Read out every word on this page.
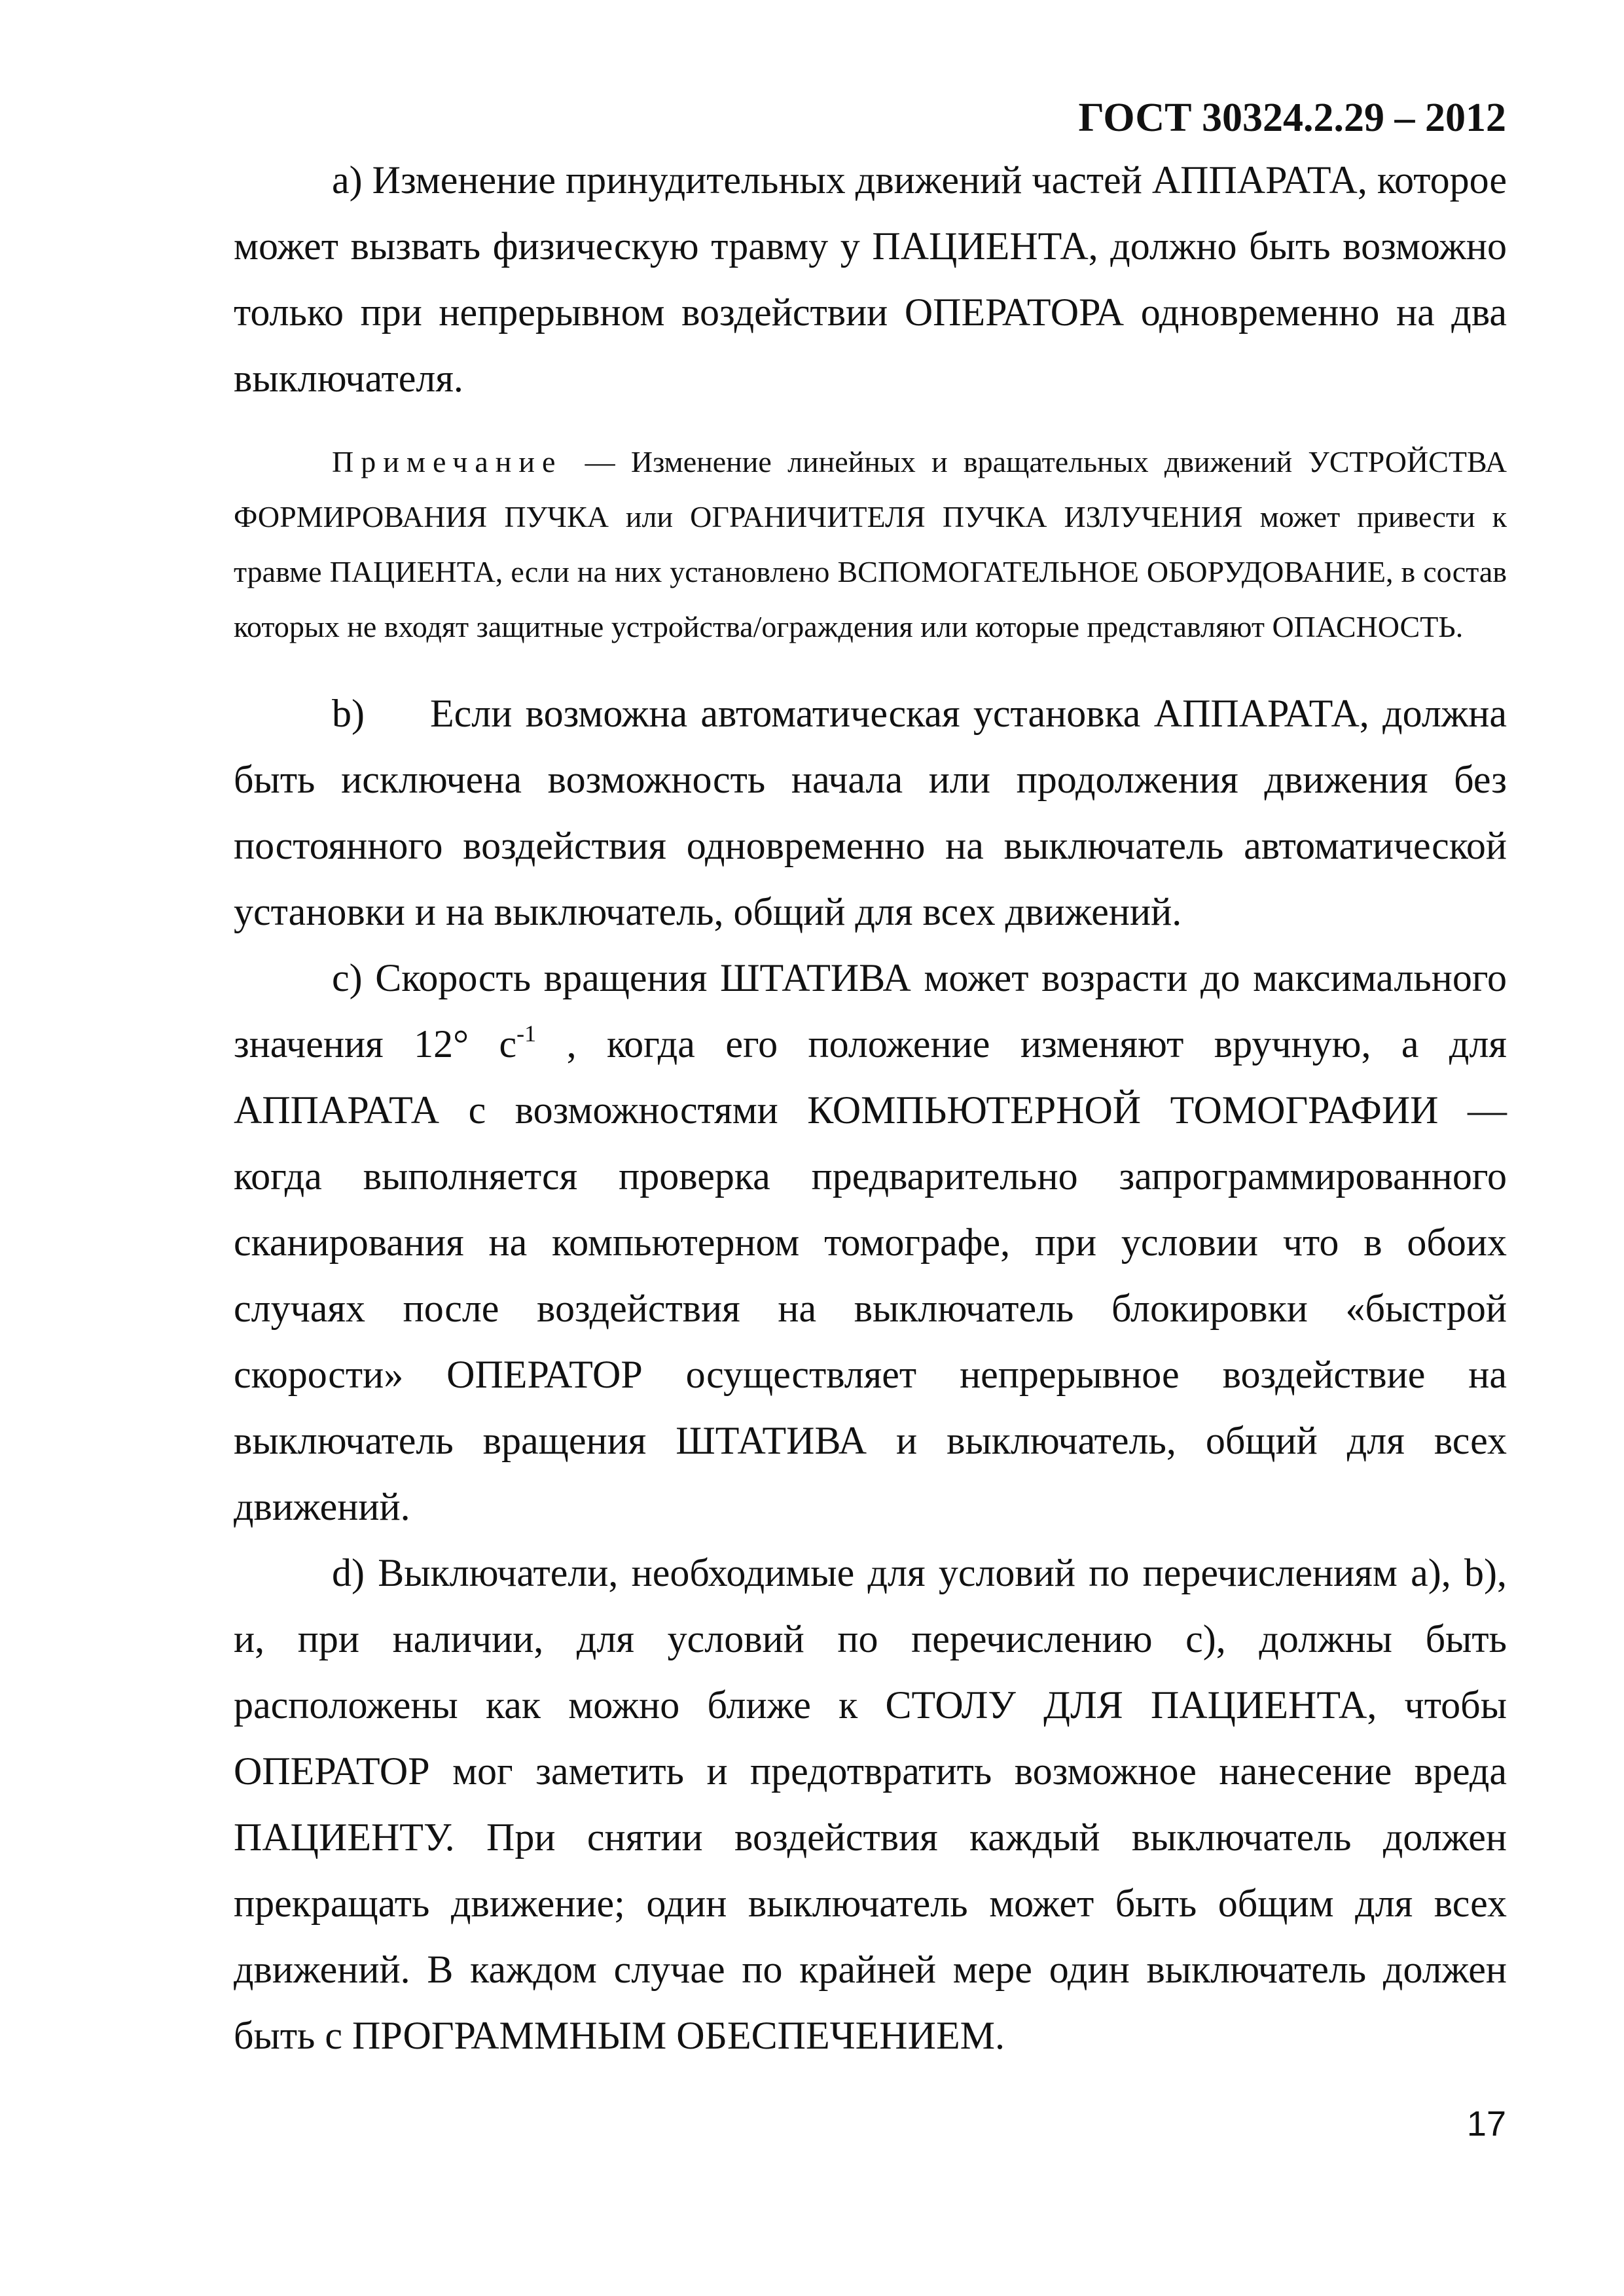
ГОСТ 30324.2.29 – 2012

а) Изменение принудительных движений частей АППАРАТА, которое может вызвать физическую травму у ПАЦИЕНТА, должно быть возможно только при непрерывном воздействии ОПЕРАТОРА одновременно на два выключателя.

Примечание — Изменение линейных и вращательных движений УСТРОЙСТВА ФОРМИРОВАНИЯ ПУЧКА или ОГРАНИЧИТЕЛЯ ПУЧКА ИЗЛУЧЕНИЯ может привести к травме ПАЦИЕНТА, если на них установлено ВСПОМОГАТЕЛЬНОЕ ОБОРУДОВАНИЕ, в состав которых не входят защитные устройства/ограждения или которые представляют ОПАСНОСТЬ.

b) Если возможна автоматическая установка АППАРАТА, должна быть исключена возможность начала или продолжения движения без постоянного воздействия одновременно на выключатель автоматической установки и на выключатель, общий для всех движений.

c) Скорость вращения ШТАТИВА может возрасти до максимального значения 12° $с^{-1}$ , когда его положение изменяют вручную, а для АППАРАТА с возможностями КОМПЬЮТЕРНОЙ ТОМОГРАФИИ — когда выполняется проверка предварительно запрограммированного сканирования на компьютерном томографе, при условии что в обоих случаях после воздействия на выключатель блокировки «быстрой скорости» ОПЕРАТОР осуществляет непрерывное воздействие на выключатель вращения ШТАТИВА и выключатель, общий для всех движений.

d) Выключатели, необходимые для условий по перечислениям а), b), и, при наличии, для условий по перечислению c), должны быть расположены как можно ближе к СТОЛУ ДЛЯ ПАЦИЕНТА, чтобы ОПЕРАТОР мог заметить и предотвратить возможное нанесение вреда ПАЦИЕНТУ. При снятии воздействия каждый выключатель должен прекращать движение; один выключатель может быть общим для всех движений. В каждом случае по крайней мере один выключатель должен быть с ПРОГРАММНЫМ ОБЕСПЕЧЕНИЕМ.

17
